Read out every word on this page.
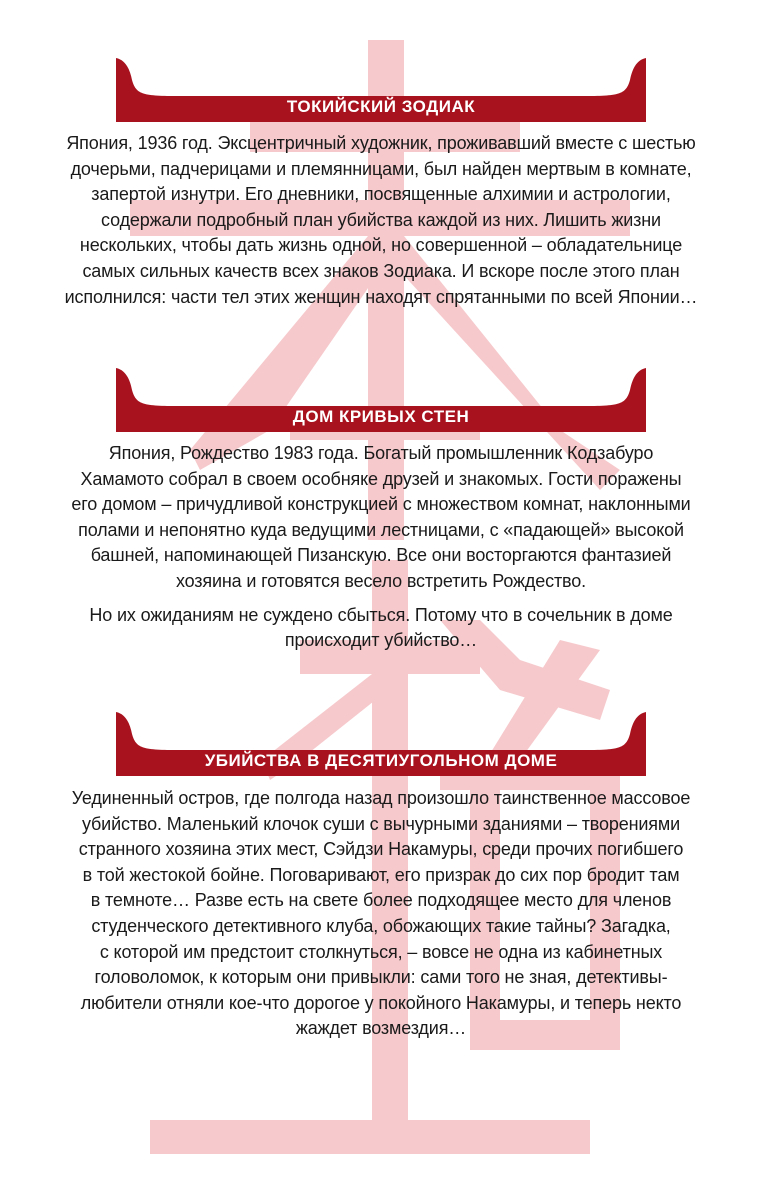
ТОКИЙСКИЙ ЗОДИАК
Япония, 1936 год. Эксцентричный художник, проживавший вместе с шестью
дочерьми, падчерицами и племянницами, был найден мертвым в комнате,
запертой изнутри. Его дневники, посвященные алхимии и астрологии,
содержали подробный план убийства каждой из них. Лишить жизни
нескольких, чтобы дать жизнь одной, но совершенной – обладательнице
самых сильных качеств всех знаков Зодиака. И вскоре после этого план
исполнился: части тел этих женщин находят спрятанными по всей Японии…
ДОМ КРИВЫХ СТЕН
Япония, Рождество 1983 года. Богатый промышленник Кодзабуро
Хамамото собрал в своем особняке друзей и знакомых. Гости поражены
его домом – причудливой конструкцией с множеством комнат, наклонными
полами и непонятно куда ведущими лестницами, с «падающей» высокой
башней, напоминающей Пизанскую. Все они восторгаются фантазией
хозяина и готовятся весело встретить Рождество.
Но их ожиданиям не суждено сбыться. Потому что в сочельник в доме
происходит убийство…
УБИЙСТВА В ДЕСЯТИУГОЛЬНОМ ДОМЕ
Уединенный остров, где полгода назад произошло таинственное массовое
убийство. Маленький клочок суши с вычурными зданиями – творениями
странного хозяина этих мест, Сэйдзи Накамуры, среди прочих погибшего
в той жестокой бойне. Поговаривают, его призрак до сих пор бродит там
в темноте… Разве есть на свете более подходящее место для членов
студенческого детективного клуба, обожающих такие тайны? Загадка,
с которой им предстоит столкнуться, – вовсе не одна из кабинетных
головоломок, к которым они привыкли: сами того не зная, детективы-
любители отняли кое-что дорогое у покойного Накамуры, и теперь некто
жаждет возмездия…
